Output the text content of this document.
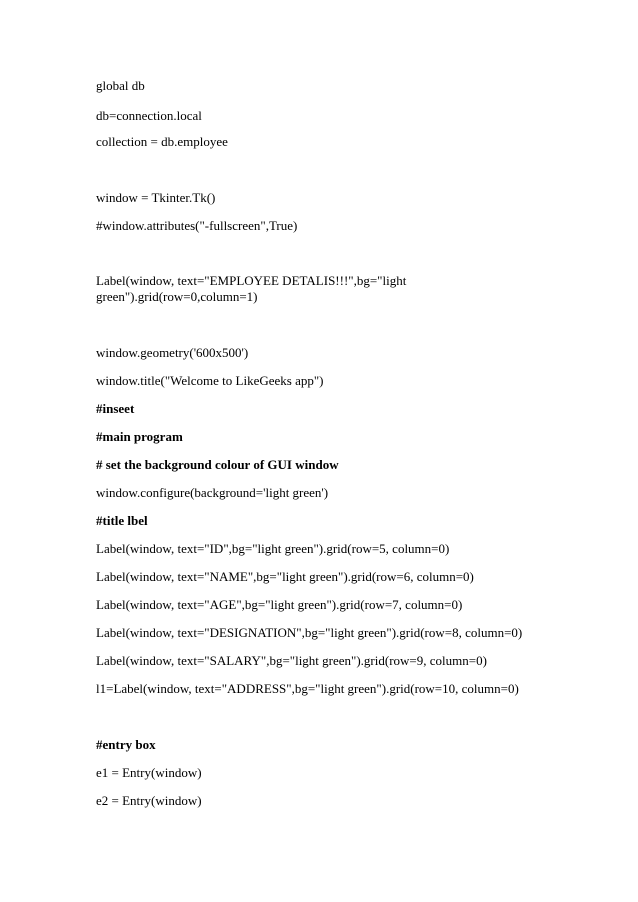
global db

db=connection.local

collection = db.employee

window = Tkinter.Tk()

#window.attributes("-fullscreen",True)

Label(window, text="EMPLOYEE DETALIS!!!",bg="light green").grid(row=0,column=1)

window.geometry('600x500')

window.title("Welcome to LikeGeeks app")

#inseet

#main program

# set the background colour of GUI window

window.configure(background='light green')

#title lbel

Label(window, text="ID",bg="light green").grid(row=5, column=0)

Label(window, text="NAME",bg="light green").grid(row=6, column=0)

Label(window, text="AGE",bg="light green").grid(row=7, column=0)

Label(window, text="DESIGNATION",bg="light green").grid(row=8, column=0)

Label(window, text="SALARY",bg="light green").grid(row=9, column=0)

l1=Label(window, text="ADDRESS",bg="light green").grid(row=10, column=0)

#entry box

e1 = Entry(window)

e2 = Entry(window)
